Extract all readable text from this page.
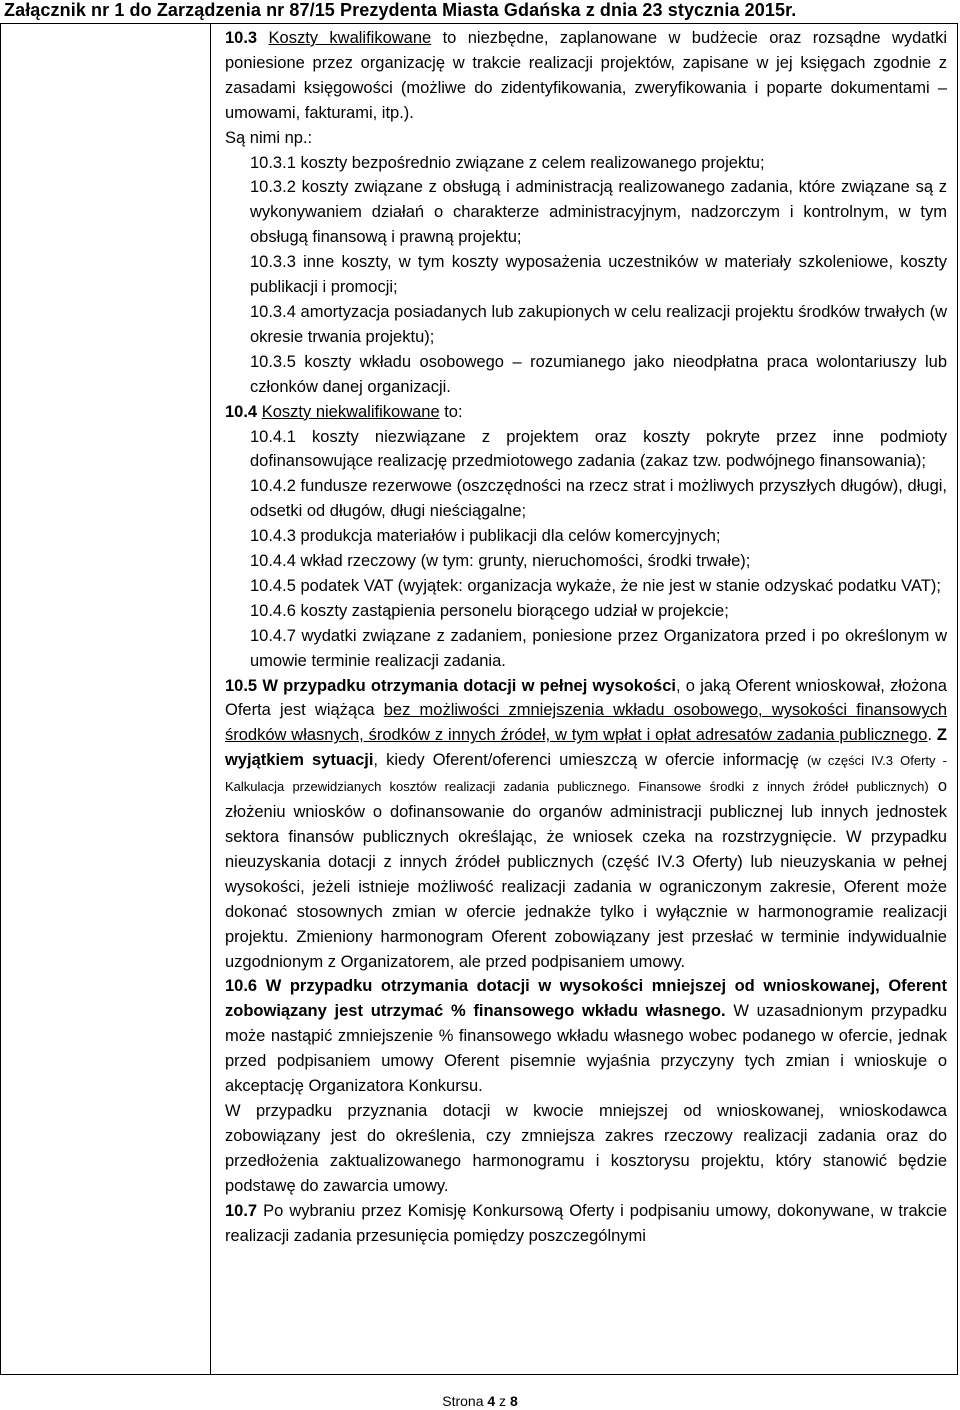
Załącznik nr 1 do Zarządzenia nr 87/15 Prezydenta Miasta Gdańska z dnia 23 stycznia 2015r.

10.3 Koszty kwalifikowane to niezbędne, zaplanowane w budżecie oraz rozsądne wydatki poniesione przez organizację w trakcie realizacji projektów, zapisane w jej księgach zgodnie z zasadami księgowości (możliwe do zidentyfikowania, zweryfikowania i poparte dokumentami – umowami, fakturami, itp.).

Są nimi np.:

10.3.1 koszty bezpośrednio związane z celem realizowanego projektu;

10.3.2 koszty związane z obsługą i administracją realizowanego zadania, które związane są z wykonywaniem działań o charakterze administracyjnym, nadzorczym i kontrolnym, w tym obsługą finansową i prawną projektu;

10.3.3 inne koszty, w tym koszty wyposażenia uczestników w materiały szkoleniowe, koszty publikacji i promocji;

10.3.4 amortyzacja posiadanych lub zakupionych w celu realizacji projektu środków trwałych (w okresie trwania projektu);

10.3.5 koszty wkładu osobowego – rozumianego jako nieodpłatna praca wolontariuszy lub członków danej organizacji.

10.4 Koszty niekwalifikowane to:

10.4.1 koszty niezwiązane z projektem oraz koszty pokryte przez inne podmioty dofinansowujące realizację przedmiotowego zadania (zakaz tzw. podwójnego finansowania);

10.4.2 fundusze rezerwowe (oszczędności na rzecz strat i możliwych przyszłych długów), długi, odsetki od długów, długi nieściągalne;

10.4.3 produkcja materiałów i publikacji dla celów komercyjnych;

10.4.4 wkład rzeczowy (w tym: grunty, nieruchomości, środki trwałe);

10.4.5 podatek VAT (wyjątek: organizacja wykaże, że nie jest w stanie odzyskać podatku VAT);

10.4.6 koszty zastąpienia personelu biorącego udział w projekcie;

10.4.7 wydatki związane z zadaniem, poniesione przez Organizatora przed i po określonym w umowie terminie realizacji zadania.

10.5 W przypadku otrzymania dotacji w pełnej wysokości, o jaką Oferent wnioskował, złożona Oferta jest wiążąca bez możliwości zmniejszenia wkładu osobowego, wysokości finansowych środków własnych, środków z innych źródeł, w tym wpłat i opłat adresatów zadania publicznego. Z wyjątkiem sytuacji, kiedy Oferent/oferenci umieszczą w ofercie informację (w części IV.3 Oferty - Kalkulacja przewidzianych kosztów realizacji zadania publicznego. Finansowe środki z innych źródeł publicznych) o złożeniu wniosków o dofinansowanie do organów administracji publicznej lub innych jednostek sektora finansów publicznych określając, że wniosek czeka na rozstrzygnięcie. W przypadku nieuzyskania dotacji z innych źródeł publicznych (część IV.3 Oferty) lub nieuzyskania w pełnej wysokości, jeżeli istnieje możliwość realizacji zadania w ograniczonym zakresie, Oferent może dokonać stosownych zmian w ofercie jednakże tylko i wyłącznie w harmonogramie realizacji projektu. Zmieniony harmonogram Oferent zobowiązany jest przesłać w terminie indywidualnie uzgodnionym z Organizatorem, ale przed podpisaniem umowy.

10.6 W przypadku otrzymania dotacji w wysokości mniejszej od wnioskowanej, Oferent zobowiązany jest utrzymać % finansowego wkładu własnego. W uzasadnionym przypadku może nastąpić zmniejszenie % finansowego wkładu własnego wobec podanego w ofercie, jednak przed podpisaniem umowy Oferent pisemnie wyjaśnia przyczyny tych zmian i wnioskuje o akceptację Organizatora Konkursu.

W przypadku przyznania dotacji w kwocie mniejszej od wnioskowanej, wnioskodawca zobowiązany jest do określenia, czy zmniejsza zakres rzeczowy realizacji zadania oraz do przedłożenia zaktualizowanego harmonogramu i kosztorysu projektu, który stanowić będzie podstawę do zawarcia umowy.

10.7 Po wybraniu przez Komisję Konkursową Oferty i podpisaniu umowy, dokonywane, w trakcie realizacji zadania przesunięcia pomiędzy poszczególnymi

Strona 4 z 8
